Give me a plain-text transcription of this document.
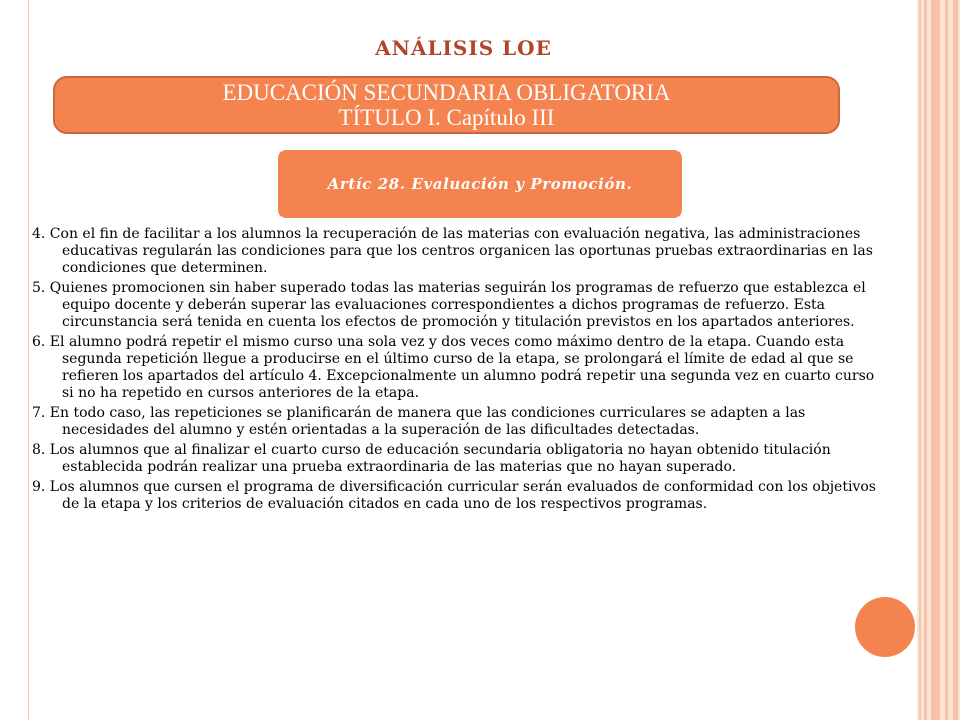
ANÁLISIS LOE
EDUCACIÓN SECUNDARIA OBLIGATORIA
TÍTULO I. Capítulo III
Artíc 28. Evaluación y Promoción.

4. Con el fin de facilitar a los alumnos la recuperación de las materias con evaluación negativa, las administraciones educativas regularán las condiciones para que los centros organicen las oportunas pruebas extraordinarias en las condiciones que determinen.

5. Quienes promocionen sin haber superado todas las materias seguirán los programas de refuerzo que establezca el equipo docente y deberán superar las evaluaciones correspondientes a dichos programas de refuerzo. Esta circunstancia será tenida en cuenta los efectos de promoción y titulación previstos en los apartados anteriores.

6. El alumno podrá repetir el mismo curso una sola vez y dos veces como máximo dentro de la etapa. Cuando esta segunda repetición llegue a producirse en el último curso de la etapa, se prolongará el límite de edad al que se refieren los apartados del artículo 4. Excepcionalmente un alumno podrá repetir una segunda vez en cuarto curso si no ha repetido en cursos anteriores de la etapa.

7. En todo caso, las repeticiones se planificarán de manera que las condiciones curriculares se adapten a las necesidades del alumno y estén orientadas a la superación de las dificultades detectadas.

8. Los alumnos que al finalizar el cuarto curso de educación secundaria obligatoria no hayan obtenido titulación establecida podrán realizar una prueba extraordinaria de las materias que no hayan superado.

9. Los alumnos que cursen el programa de diversificación curricular serán evaluados de conformidad con los objetivos de la etapa y los criterios de evaluación citados en cada uno de los respectivos programas.
